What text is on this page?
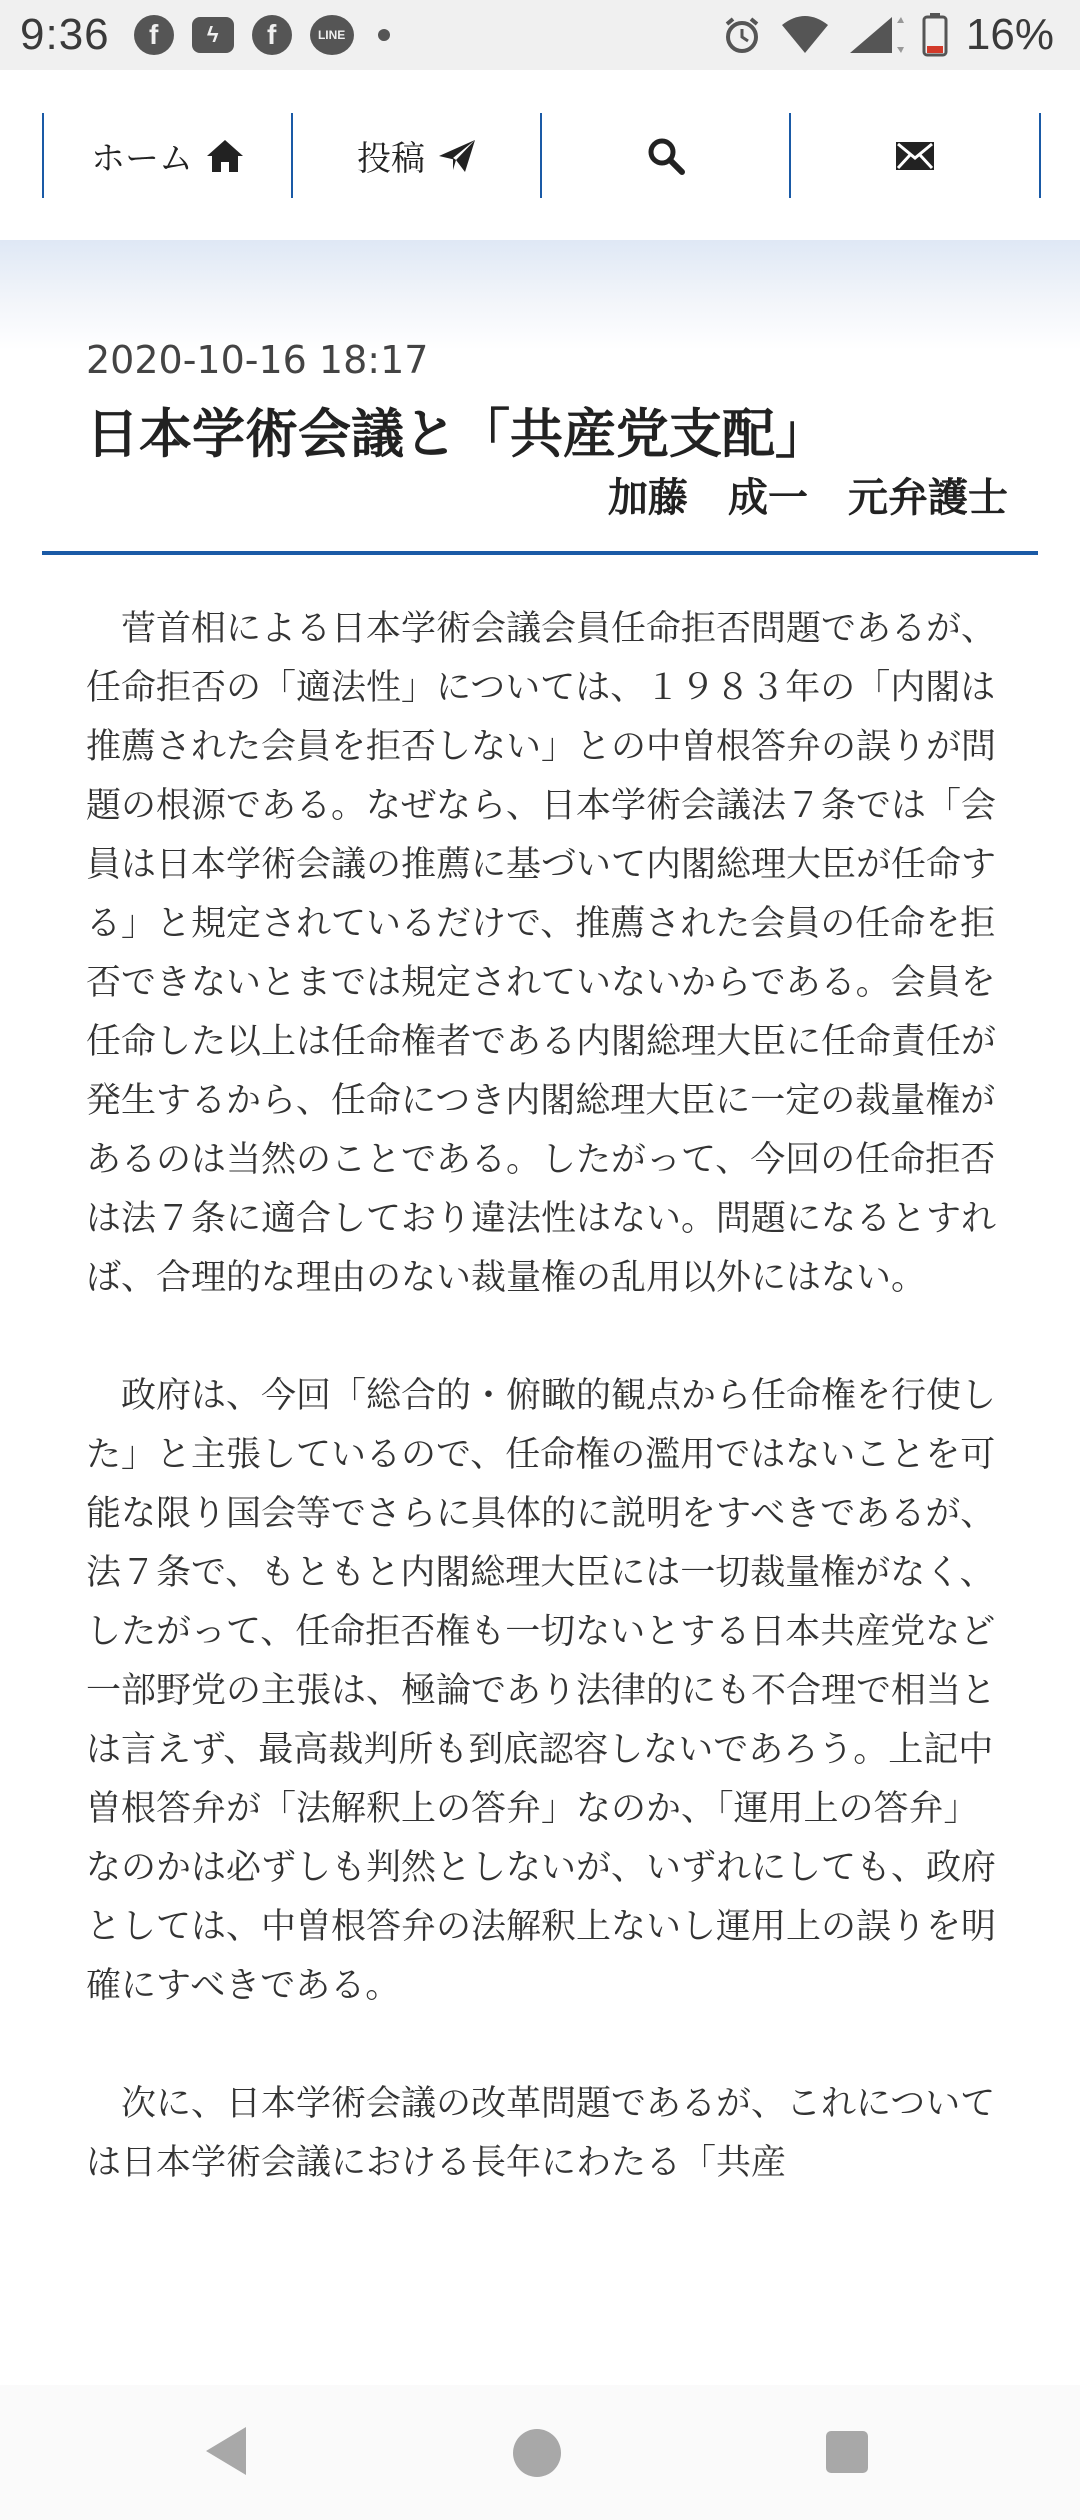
9:36	f	ϟ	f	LINE	16%
ホーム	投稿
2020-10-16 18:17
日本学術会議と「共産党支配」
加藤　成一　元弁護士

菅首相による日本学術会議会員任命拒否問題であるが、任命拒否の「適法性」については、１９８３年の「内閣は推薦された会員を拒否しない」との中曽根答弁の誤りが問題の根源である。なぜなら、日本学術会議法７条では「会員は日本学術会議の推薦に基づいて内閣総理大臣が任命する」と規定されているだけで、推薦された会員の任命を拒否できないとまでは規定されていないからである。会員を任命した以上は任命権者である内閣総理大臣に任命責任が発生するから、任命につき内閣総理大臣に一定の裁量権があるのは当然のことである。したがって、今回の任命拒否は法７条に適合しており違法性はない。問題になるとすれば、合理的な理由のない裁量権の乱用以外にはない。

政府は、今回「総合的・俯瞰的観点から任命権を行使した」と主張しているので、任命権の濫用ではないことを可能な限り国会等でさらに具体的に説明をすべきであるが、法７条で、もともと内閣総理大臣には一切裁量権がなく、したがって、任命拒否権も一切ないとする日本共産党など一部野党の主張は、極論であり法律的にも不合理で相当とは言えず、最高裁判所も到底認容しないであろう。上記中曽根答弁が「法解釈上の答弁」なのか、「運用上の答弁」なのかは必ずしも判然としないが、いずれにしても、政府としては、中曽根答弁の法解釈上ないし運用上の誤りを明確にすべきである。

次に、日本学術会議の改革問題であるが、これについては日本学術会議における長年にわたる「共産
